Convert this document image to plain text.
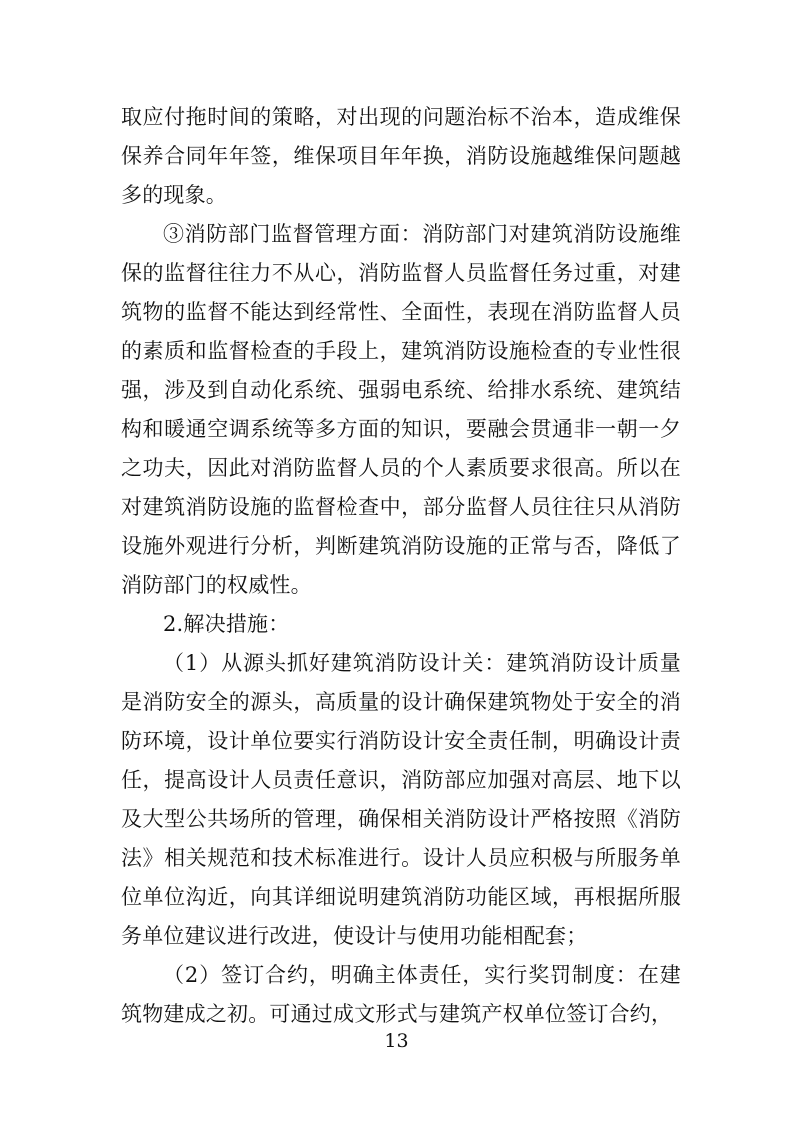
取应付拖时间的策略，对出现的问题治标不治本，造成维保保养合同年年签，维保项目年年换，消防设施越维保问题越多的现象。

③消防部门监督管理方面：消防部门对建筑消防设施维保的监督往往力不从心，消防监督人员监督任务过重，对建筑物的监督不能达到经常性、全面性，表现在消防监督人员的素质和监督检查的手段上，建筑消防设施检查的专业性很强，涉及到自动化系统、强弱电系统、给排水系统、建筑结构和暖通空调系统等多方面的知识，要融会贯通非一朝一夕之功夫，因此对消防监督人员的个人素质要求很高。所以在对建筑消防设施的监督检查中，部分监督人员往往只从消防设施外观进行分析，判断建筑消防设施的正常与否，降低了消防部门的权威性。

2.解决措施：

（1）从源头抓好建筑消防设计关：建筑消防设计质量是消防安全的源头，高质量的设计确保建筑物处于安全的消防环境，设计单位要实行消防设计安全责任制，明确设计责任，提高设计人员责任意识，消防部应加强对高层、地下以及大型公共场所的管理，确保相关消防设计严格按照《消防法》相关规范和技术标准进行。设计人员应积极与所服务单位单位沟近，向其详细说明建筑消防功能区域，再根据所服务单位建议进行改进，使设计与使用功能相配套；

（2）签订合约，明确主体责任，实行奖罚制度：在建筑物建成之初。可通过成文形式与建筑产权单位签订合约，

13
